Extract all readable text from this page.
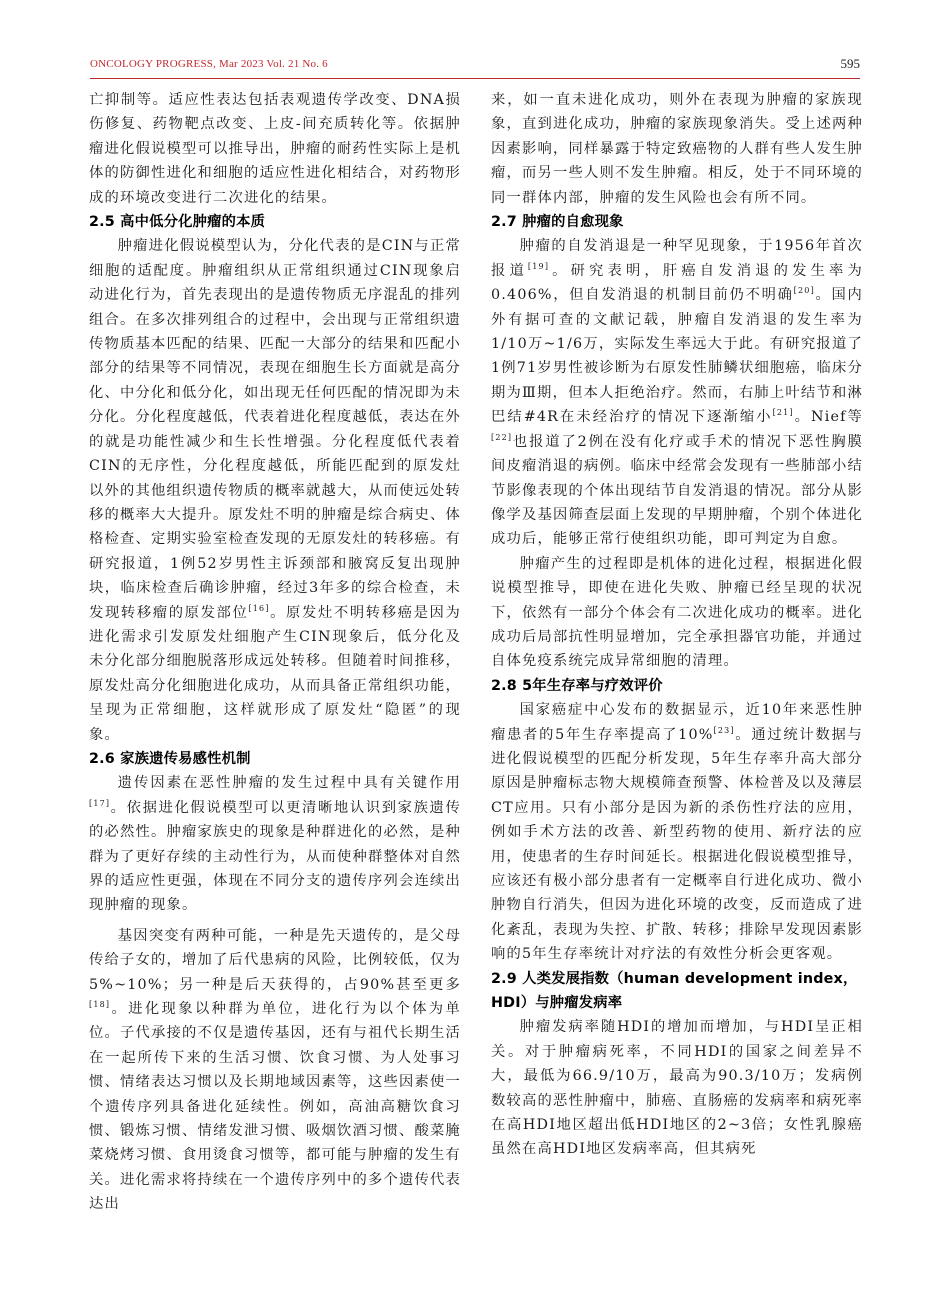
ONCOLOGY PROGRESS, Mar 2023 Vol. 21 No. 6	595

亡抑制等。适应性表达包括表观遗传学改变、DNA损伤修复、药物靶点改变、上皮-间充质转化等。依据肿瘤进化假说模型可以推导出，肿瘤的耐药性实际上是机体的防御性进化和细胞的适应性进化相结合，对药物形成的环境改变进行二次进化的结果。

2.5 高中低分化肿瘤的本质

肿瘤进化假说模型认为，分化代表的是CIN与正常细胞的适配度。肿瘤组织从正常组织通过CIN现象启动进化行为，首先表现出的是遗传物质无序混乱的排列组合。在多次排列组合的过程中，会出现与正常组织遗传物质基本匹配的结果、匹配一大部分的结果和匹配小部分的结果等不同情况，表现在细胞生长方面就是高分化、中分化和低分化，如出现无任何匹配的情况即为未分化。分化程度越低，代表着进化程度越低，表达在外的就是功能性减少和生长性增强。分化程度低代表着CIN的无序性，分化程度越低，所能匹配到的原发灶以外的其他组织遗传物质的概率就越大，从而使远处转移的概率大大提升。原发灶不明的肿瘤是综合病史、体格检查、定期实验室检查发现的无原发灶的转移癌。有研究报道，1例52岁男性主诉颈部和腋窝反复出现肿块，临床检查后确诊肿瘤，经过3年多的综合检查，未发现转移瘤的原发部位[16]。原发灶不明转移癌是因为进化需求引发原发灶细胞产生CIN现象后，低分化及未分化部分细胞脱落形成远处转移。但随着时间推移，原发灶高分化细胞进化成功，从而具备正常组织功能，呈现为正常细胞，这样就形成了原发灶“隐匿”的现象。

2.6 家族遗传易感性机制

遗传因素在恶性肿瘤的发生过程中具有关键作用[17]。依据进化假说模型可以更清晰地认识到家族遗传的必然性。肿瘤家族史的现象是种群进化的必然，是种群为了更好存续的主动性行为，从而使种群整体对自然界的适应性更强，体现在不同分支的遗传序列会连续出现肿瘤的现象。

基因突变有两种可能，一种是先天遗传的，是父母传给子女的，增加了后代患病的风险，比例较低，仅为5%~10%；另一种是后天获得的，占90%甚至更多[18]。进化现象以种群为单位，进化行为以个体为单位。子代承接的不仅是遗传基因，还有与祖代长期生活在一起所传下来的生活习惯、饮食习惯、为人处事习惯、情绪表达习惯以及长期地域因素等，这些因素使一个遗传序列具备进化延续性。例如，高油高糖饮食习惯、锻炼习惯、情绪发泄习惯、吸烟饮酒习惯、酸菜腌菜烧烤习惯、食用烫食习惯等，都可能与肿瘤的发生有关。进化需求将持续在一个遗传序列中的多个遗传代表达出

来，如一直未进化成功，则外在表现为肿瘤的家族现象，直到进化成功，肿瘤的家族现象消失。受上述两种因素影响，同样暴露于特定致癌物的人群有些人发生肿瘤，而另一些人则不发生肿瘤。相反，处于不同环境的同一群体内部，肿瘤的发生风险也会有所不同。

2.7 肿瘤的自愈现象

肿瘤的自发消退是一种罕见现象，于1956年首次报道[19]。研究表明，肝癌自发消退的发生率为0.406%，但自发消退的机制目前仍不明确[20]。国内外有据可查的文献记载，肿瘤自发消退的发生率为1/10万~1/6万，实际发生率远大于此。有研究报道了1例71岁男性被诊断为右原发性肺鳞状细胞癌，临床分期为Ⅲ期，但本人拒绝治疗。然而，右肺上叶结节和淋巴结#4R在未经治疗的情况下逐渐缩小[21]。Nief等[22]也报道了2例在没有化疗或手术的情况下恶性胸膜间皮瘤消退的病例。临床中经常会发现有一些肺部小结节影像表现的个体出现结节自发消退的情况。部分从影像学及基因筛查层面上发现的早期肿瘤，个别个体进化成功后，能够正常行使组织功能，即可判定为自愈。

肿瘤产生的过程即是机体的进化过程，根据进化假说模型推导，即使在进化失败、肿瘤已经呈现的状况下，依然有一部分个体会有二次进化成功的概率。进化成功后局部抗性明显增加，完全承担器官功能，并通过自体免疫系统完成异常细胞的清理。

2.8 5年生存率与疗效评价

国家癌症中心发布的数据显示，近10年来恶性肿瘤患者的5年生存率提高了10%[23]。通过统计数据与进化假说模型的匹配分析发现，5年生存率升高大部分原因是肿瘤标志物大规模筛查预警、体检普及以及薄层CT应用。只有小部分是因为新的杀伤性疗法的应用，例如手术方法的改善、新型药物的使用、新疗法的应用，使患者的生存时间延长。根据进化假说模型推导，应该还有极小部分患者有一定概率自行进化成功、微小肿物自行消失，但因为进化环境的改变，反而造成了进化紊乱，表现为失控、扩散、转移；排除早发现因素影响的5年生存率统计对疗法的有效性分析会更客观。

2.9 人类发展指数（human development index，HDI）与肿瘤发病率

肿瘤发病率随HDI的增加而增加，与HDI呈正相关。对于肿瘤病死率，不同HDI的国家之间差异不大，最低为66.9/10万，最高为90.3/10万；发病例数较高的恶性肿瘤中，肺癌、直肠癌的发病率和病死率在高HDI地区超出低HDI地区的2~3倍；女性乳腺癌虽然在高HDI地区发病率高，但其病死
